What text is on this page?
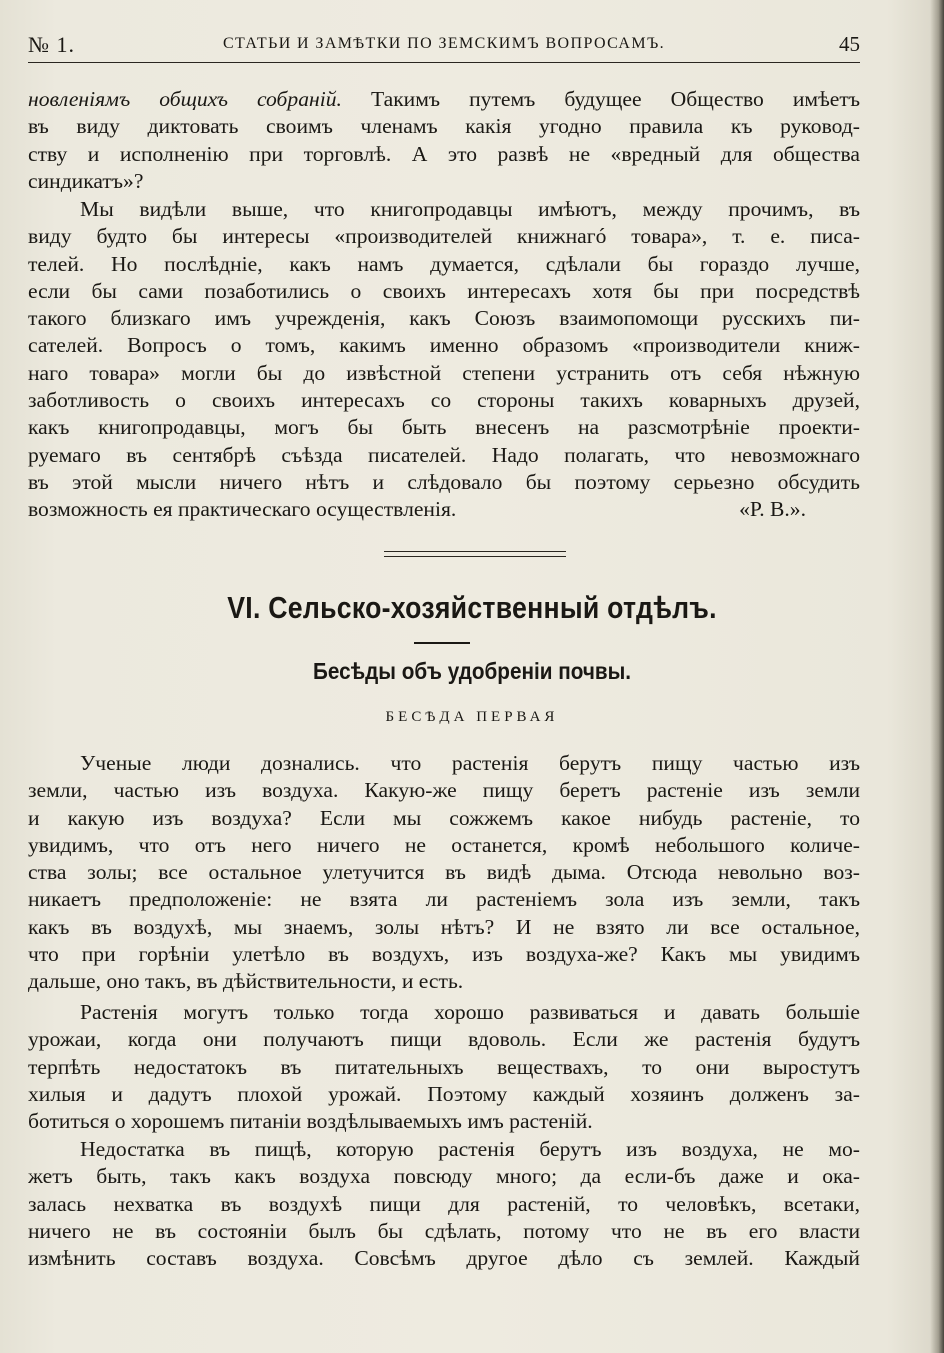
№ 1.	СТАТЬИ И ЗАМѢТКИ ПО ЗЕМСКИМЪ ВОПРОСАМЪ.	45
новленіямъ общихъ собраній. Такимъ путемъ будущее Общество имѣетъ
въ виду диктовать своимъ членамъ какія угодно правила къ руковод-
ству и исполненію при торговлѣ. А это развѣ не «вредный для общества
синдикатъ»?
Мы видѣли выше, что книгопродавцы имѣютъ, между прочимъ, въ
виду будто бы интересы «производителей книжнагó товара», т. е. писа-
телей. Но послѣдніе, какъ намъ думается, сдѣлали бы гораздо лучше,
если бы сами позаботились о своихъ интересахъ хотя бы при посредствѣ
такого близкаго имъ учрежденія, какъ Союзъ взаимопомощи русскихъ пи-
сателей. Вопросъ о томъ, какимъ именно образомъ «производители книж-
наго товара» могли бы до извѣстной степени устранить отъ себя нѣжную
заботливость о своихъ интересахъ со стороны такихъ коварныхъ друзей,
какъ книгопродавцы, могъ бы быть внесенъ на разсмотрѣніе проекти-
руемаго въ сентябрѣ съѣзда писателей. Надо полагать, что невозможнаго
въ этой мысли ничего нѣтъ и слѣдовало бы поэтому серьезно обсудить
возможность ея практическаго осуществленія.	«Р. В.».
VI. Сельско-хозяйственный отдѣлъ.
Бесѣды объ удобреніи почвы.
БЕСѢДА ПЕРВАЯ
Ученые люди дознались. что растенія берутъ пищу частью изъ
земли, частью изъ воздуха. Какую-же пищу беретъ растеніе изъ земли
и какую изъ воздуха? Если мы сожжемъ какое нибудь растеніе, то
увидимъ, что отъ него ничего не останется, кромѣ небольшого количе-
ства золы; все остальное улетучится въ видѣ дыма. Отсюда невольно воз-
никаетъ предположеніе: не взята ли растеніемъ зола изъ земли, такъ
какъ въ воздухѣ, мы знаемъ, золы нѣтъ? И не взято ли все остальное,
что при горѣніи улетѣло въ воздухъ, изъ воздуха-же? Какъ мы увидимъ
дальше, оно такъ, въ дѣйствительности, и есть.
Растенія могутъ только тогда хорошо развиваться и давать большіе
урожаи, когда они получаютъ пищи вдоволь. Если же растенія будутъ
терпѣть недостатокъ въ питательныхъ веществахъ, то они выростутъ
хилыя и дадутъ плохой урожай. Поэтому каждый хозяинъ долженъ за-
ботиться о хорошемъ питаніи воздѣлываемыхъ имъ растеній.
Недостатка въ пищѣ, которую растенія берутъ изъ воздуха, не мо-
жетъ быть, такъ какъ воздуха повсюду много; да если-бъ даже и ока-
залась нехватка въ воздухѣ пищи для растеній, то человѣкъ, всетаки,
ничего не въ состояніи былъ бы сдѣлать, потому что не въ его власти
измѣнить составъ воздуха. Совсѣмъ другое дѣло съ землей. Каждый
